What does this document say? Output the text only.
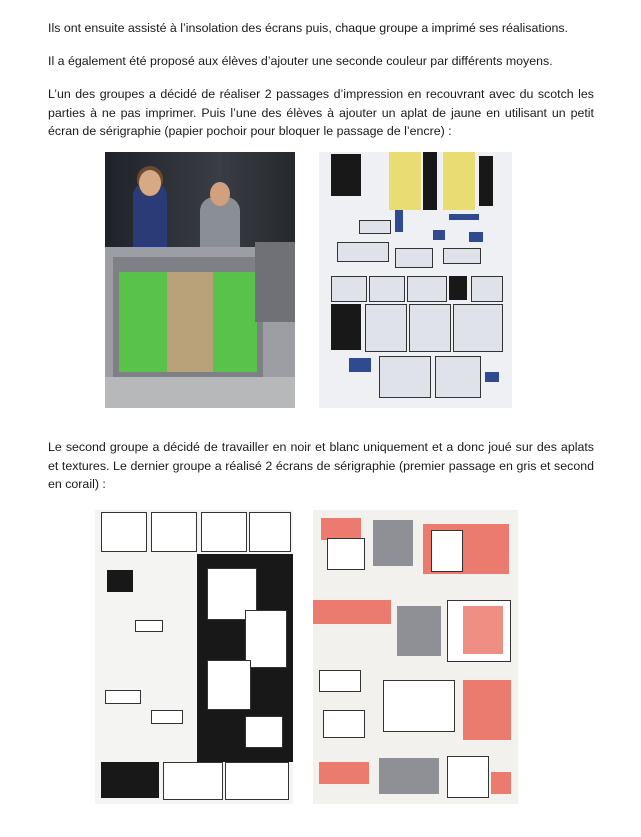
Ils ont ensuite assisté à l’insolation des écrans puis, chaque groupe a imprimé ses réalisations.

Il a également été proposé aux élèves d’ajouter une seconde couleur par différents moyens.

L’un des groupes a décidé de réaliser 2 passages d’impression en recouvrant avec du scotch les parties à ne pas imprimer. Puis l’une des élèves à ajouter un aplat de jaune en utilisant un petit écran de sérigraphie (papier pochoir pour bloquer le passage de l’encre) :

Le second groupe a décidé de travailler en noir et blanc uniquement et a donc joué sur des aplats et textures. Le dernier groupe a réalisé 2 écrans de sérigraphie (premier passage en gris et second en corail) :
